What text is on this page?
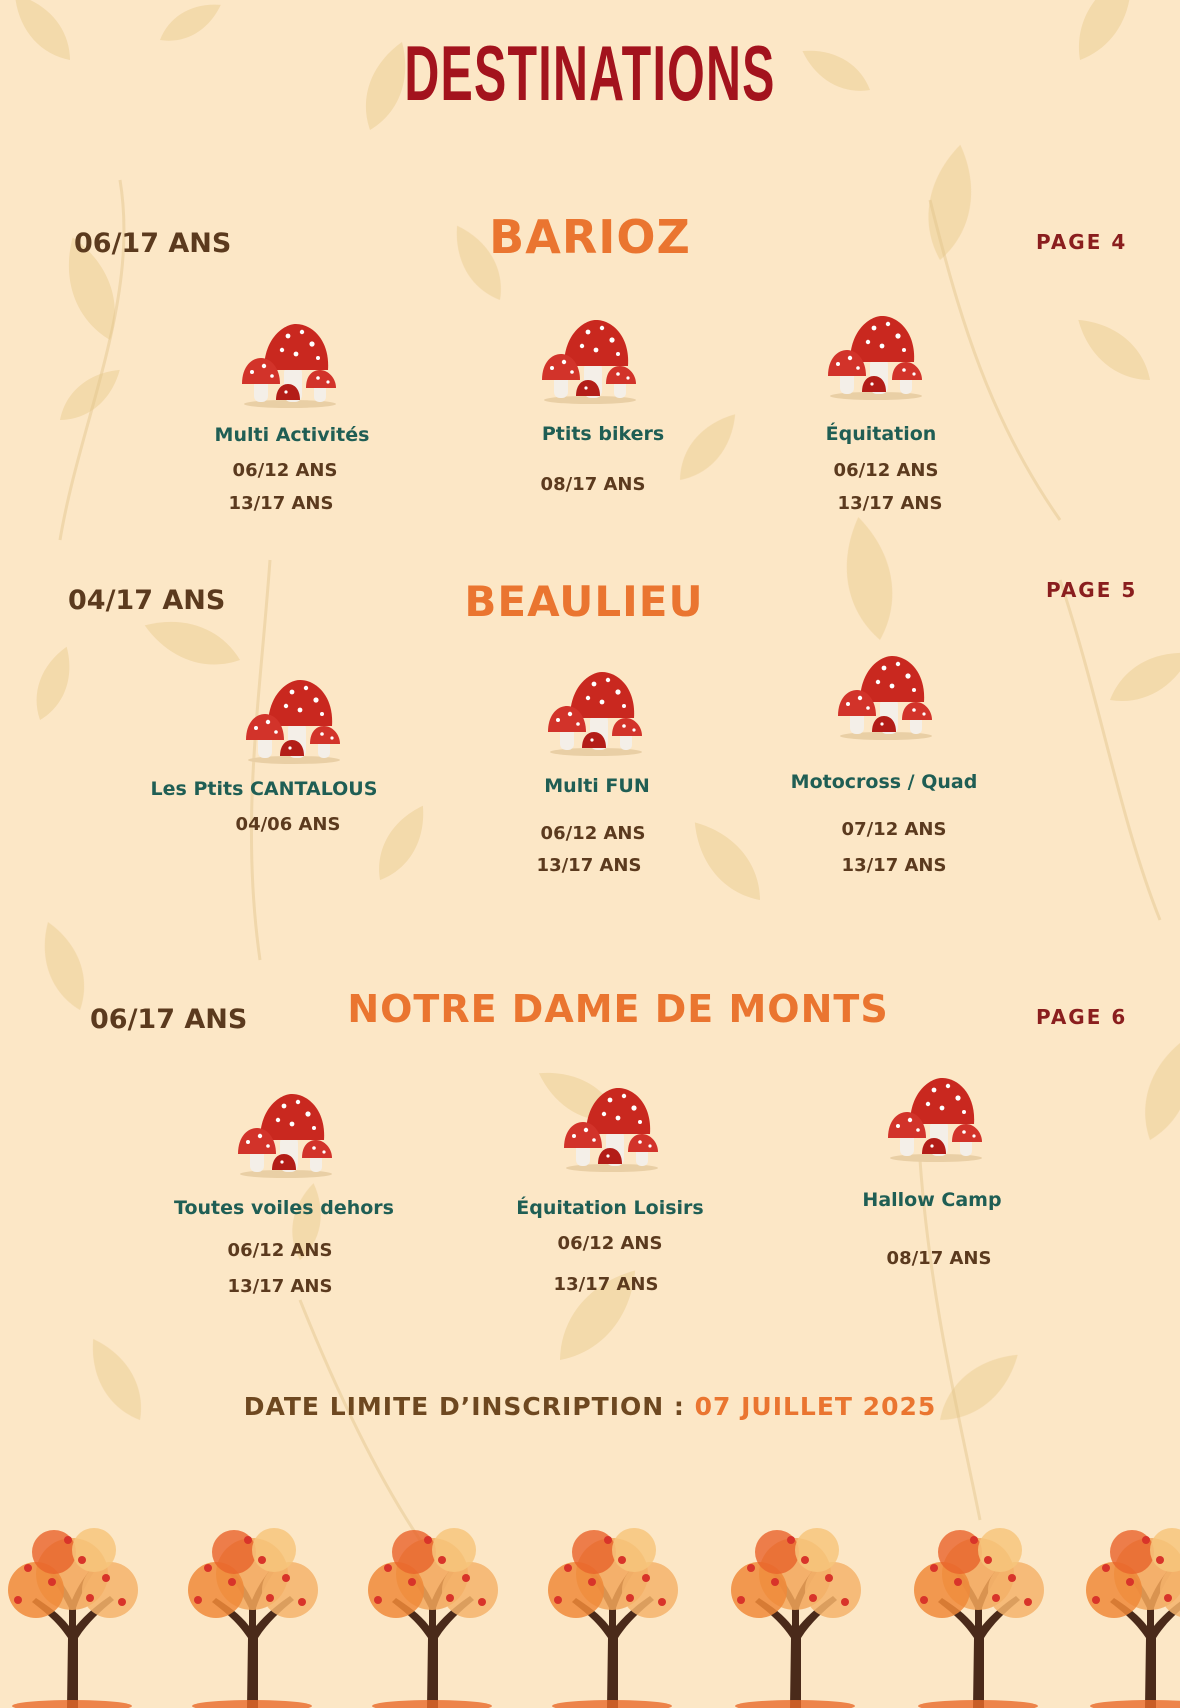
DESTINATIONS
06/17 ANS	BARIOZ	PAGE 4
Multi Activités
06/12 ANS
13/17 ANS
Ptits bikers
08/17 ANS
Équitation
06/12 ANS
13/17 ANS
04/17 ANS	BEAULIEU	PAGE 5
Les Ptits CANTALOUS
04/06 ANS
Multi FUN
06/12 ANS
13/17 ANS
Motocross / Quad
07/12 ANS
13/17 ANS
06/17 ANS	NOTRE DAME DE MONTS	PAGE 6
Toutes voiles dehors
06/12 ANS
13/17 ANS
Équitation Loisirs
06/12 ANS
13/17 ANS
Hallow Camp
08/17 ANS
DATE LIMITE D’INSCRIPTION : 07 JUILLET 2025
